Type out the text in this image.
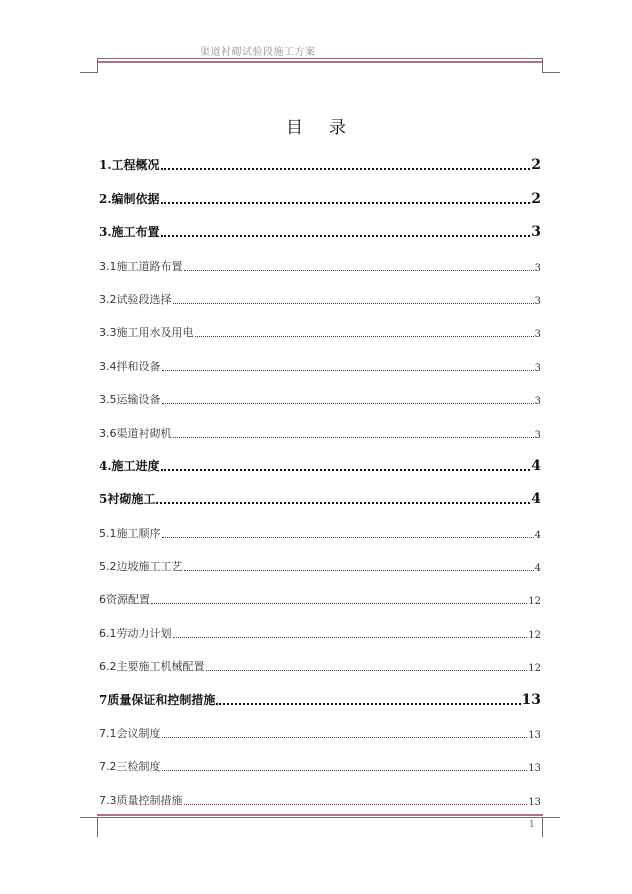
渠道衬砌试验段施工方案
目 录
1.工程概况	2
2.编制依据	2
3.施工布置	3
3.1施工道路布置	3
3.2试验段选择	3
3.3施工用水及用电	3
3.4拌和设备	3
3.5运输设备	3
3.6渠道衬砌机	3
4.施工进度	4
5衬砌施工	4
5.1施工顺序	4
5.2边坡施工工艺	4
6资源配置	12
6.1劳动力计划	12
6.2主要施工机械配置	12
7质量保证和控制措施	13
7.1会议制度	13
7.2三检制度	13
7.3质量控制措施	13
1
